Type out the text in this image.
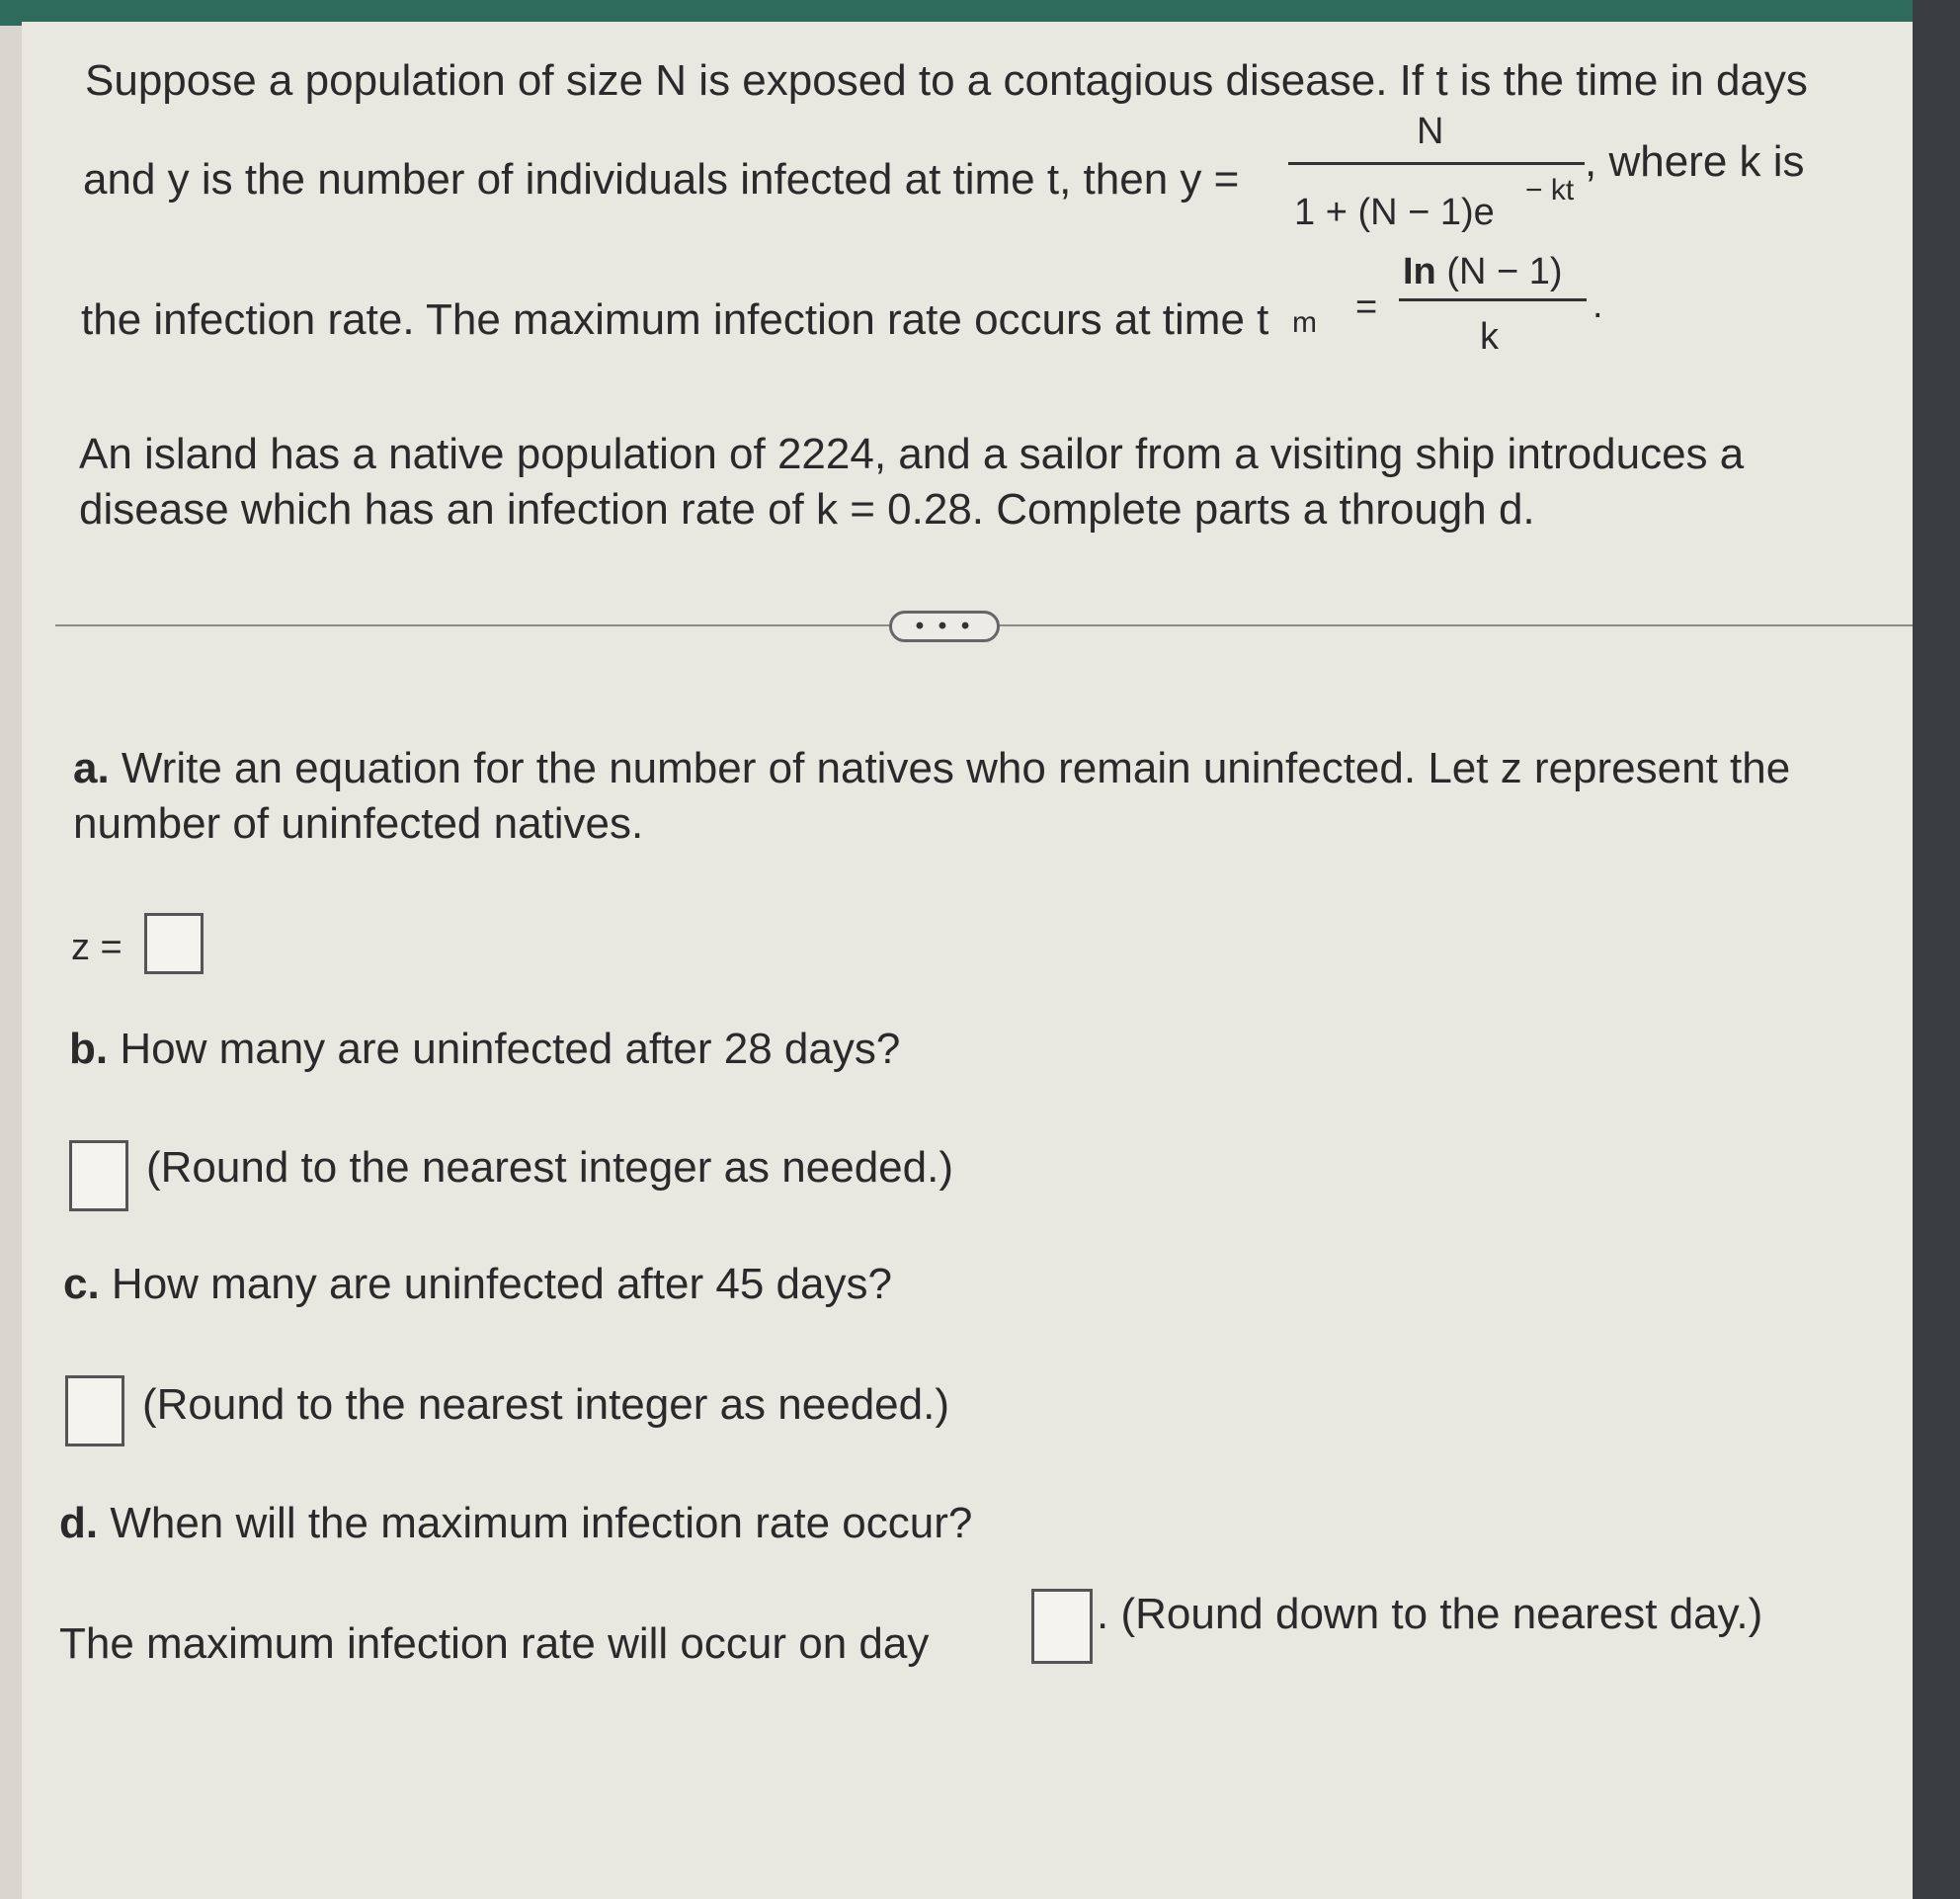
Suppose a population of size N is exposed to a contagious disease. If t is the time in days
and y is the number of individuals infected at time t, then y =
N
1 + (N − 1)e
− kt
, where k is
the infection rate. The maximum infection rate occurs at time t m =
In (N − 1)
k
.
An island has a native population of 2224, and a sailor from a visiting ship introduces a
disease which has an infection rate of k = 0.28. Complete parts a through d.
• • •
a. Write an equation for the number of natives who remain uninfected. Let z represent the
number of uninfected natives.
z =
b. How many are uninfected after 28 days?
(Round to the nearest integer as needed.)
c. How many are uninfected after 45 days?
(Round to the nearest integer as needed.)
d. When will the maximum infection rate occur?
The maximum infection rate will occur on day
. (Round down to the nearest day.)
